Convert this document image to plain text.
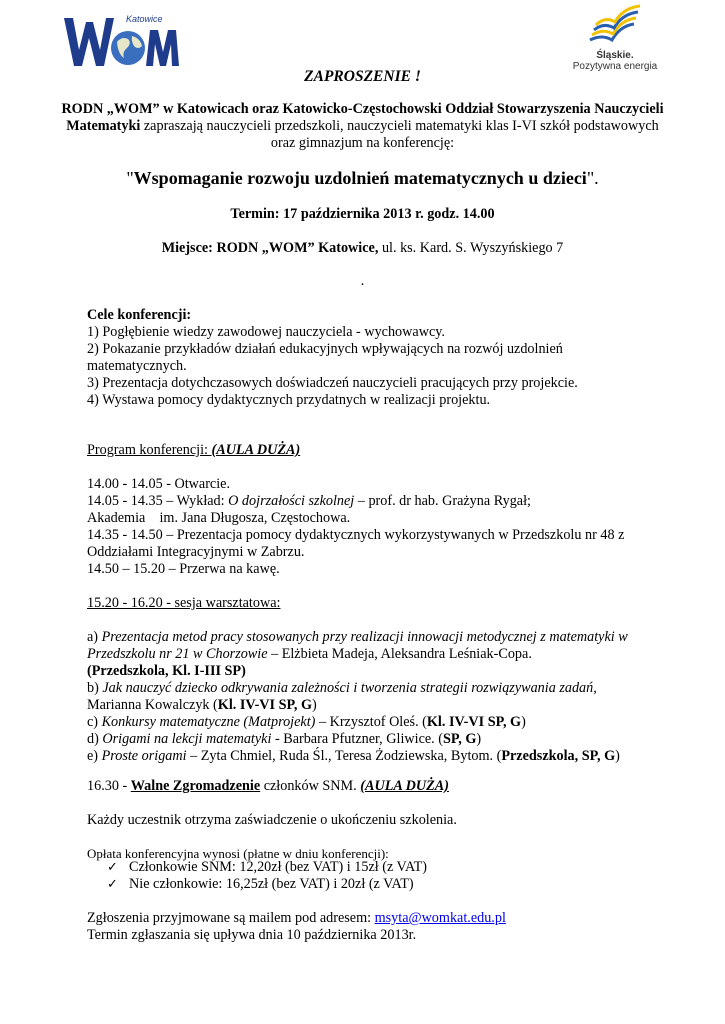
Katowice
Śląskie.
Pozytywna energia
ZAPROSZENIE !
RODN „WOM” w Katowicach oraz Katowicko-Częstochowski Oddział Stowarzyszenia Nauczycieli Matematyki zapraszają nauczycieli przedszkoli, nauczycieli matematyki klas I-VI szkół podstawowych oraz gimnazjum na konferencję:
"Wspomaganie rozwoju uzdolnień matematycznych u dzieci".
Termin: 17 października 2013 r. godz. 14.00
Miejsce: RODN „WOM” Katowice, ul. ks. Kard. S. Wyszyńskiego 7
.
Cele konferencji:
1) Pogłębienie wiedzy zawodowej nauczyciela - wychowawcy.
2) Pokazanie przykładów działań edukacyjnych wpływających na rozwój uzdolnień matematycznych.
3) Prezentacja dotychczasowych doświadczeń nauczycieli pracujących przy projekcie.
4) Wystawa pomocy dydaktycznych przydatnych w realizacji projektu.
Program konferencji: (AULA DUŻA)
14.00 - 14.05 - Otwarcie.
14.05 - 14.35 – Wykład: O dojrzałości szkolnej – prof. dr hab. Grażyna Rygał;
Akademia    im. Jana Długosza, Częstochowa.
14.35 - 14.50 – Prezentacja pomocy dydaktycznych wykorzystywanych w Przedszkolu nr 48 z Oddziałami Integracyjnymi w Zabrzu.
14.50 – 15.20 – Przerwa na kawę.
15.20 - 16.20 - sesja warsztatowa:
a) Prezentacja metod pracy stosowanych przy realizacji innowacji metodycznej z matematyki w Przedszkolu nr 21 w Chorzowie – Elżbieta Madeja, Aleksandra Leśniak-Copa.
(Przedszkola, Kl. I-III SP)
b) Jak nauczyć dziecko odkrywania zależności i tworzenia strategii rozwiązywania zadań,
Marianna Kowalczyk (Kl. IV-VI SP, G)
c) Konkursy matematyczne (Matprojekt) – Krzysztof Oleś. (Kl. IV-VI SP, G)
d) Origami na lekcji matematyki - Barbara Pfutzner, Gliwice. (SP, G)
e) Proste origami – Zyta Chmiel, Ruda Śl., Teresa Żodziewska, Bytom. (Przedszkola, SP, G)
16.30 - Walne Zgromadzenie członków SNM. (AULA DUŻA)
Każdy uczestnik otrzyma zaświadczenie o ukończeniu szkolenia.
Opłata konferencyjna wynosi (płatne w dniu konferencji):
✓ Członkowie SNM: 12,20zł (bez VAT) i 15zł (z VAT)
✓ Nie członkowie: 16,25zł (bez VAT) i 20zł (z VAT)
Zgłoszenia przyjmowane są mailem pod adresem: msyta@womkat.edu.pl
Termin zgłaszania się upływa dnia 10 października 2013r.
